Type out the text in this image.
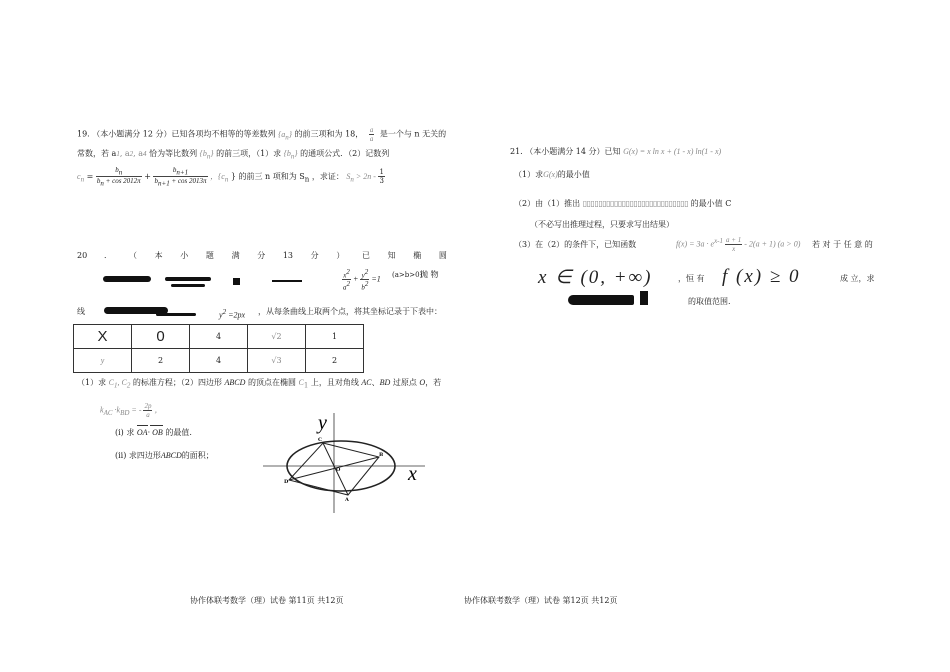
19. （本小题满分 12 分）已知各项均不相等的等差数列 $\{a_n\}$ 的前三项和为 18， $\frac{a}{a}$ 是一个与 n 无关的
常数，若 a1, a2, a4 恰为等比数列 $\{b_n\}$ 的前三项，（1）求 $\{b_n\}$ 的通项公式．（2）记数列
$c_n = \frac{b_n}{b_n + \cos 2012\pi} + \frac{b_{n+1}}{b_{n+1} + \cos 2013\pi}$ ，{$c_n$ } 的前三 n 项和为 $S_n$ ，求证： $S_n > 2n - \frac{1}{3}$
20 ． （ 本 小 题 满 分 13 分 ） 已 知 椭 圆
$\frac{x^2}{a^2} + \frac{y^2}{b^2} =1$ (a>b>0)
抛 物
线	$y^2 =2px$ ，从每条曲线上取两个点，将其坐标记录于下表中：
X	0	4	√2	1
y	2	4	√3	2
（1）求 $C_1$, $C_2$ 的标准方程；（2）四边形 ABCD 的顶点在椭圆 $C_1$ 上，且对角线 AC、BD 过原点 O，若
$k_{AC} \cdot k_{BD}$ = - $\frac{2p}{a}$ ，
(i) 求 OA· OB 的最值.
(ii) 求四边形ABCD的面积；
y
x
C
B
O
D
A
21. （本小题满分 14 分）已知 G(x) = x ln x + (1 - x) ln(1 - x)
（1）求G(x)的最小值
（2）由（1）推出 ▯▯▯▯▯▯▯▯▯▯▯▯▯▯▯▯▯▯▯▯▯▯▯▯▯▯▯ 的最小值 C
（不必写出推理过程，只要求写出结果）
（3）在（2）的条件下，已知函数	$f(x) = 3a \cdot e^{x-1} \frac{a + 1}{x} - 2(a + 1) (a > 0)$ 若 对 于 任 意 的
x ∈ (0, +∞)	，恒 有 f (x) ≥ 0	成 立，求
的取值范围.
协作体联考数学（理）试卷 第11页 共12页	协作体联考数学（理）试卷 第12页 共12页
